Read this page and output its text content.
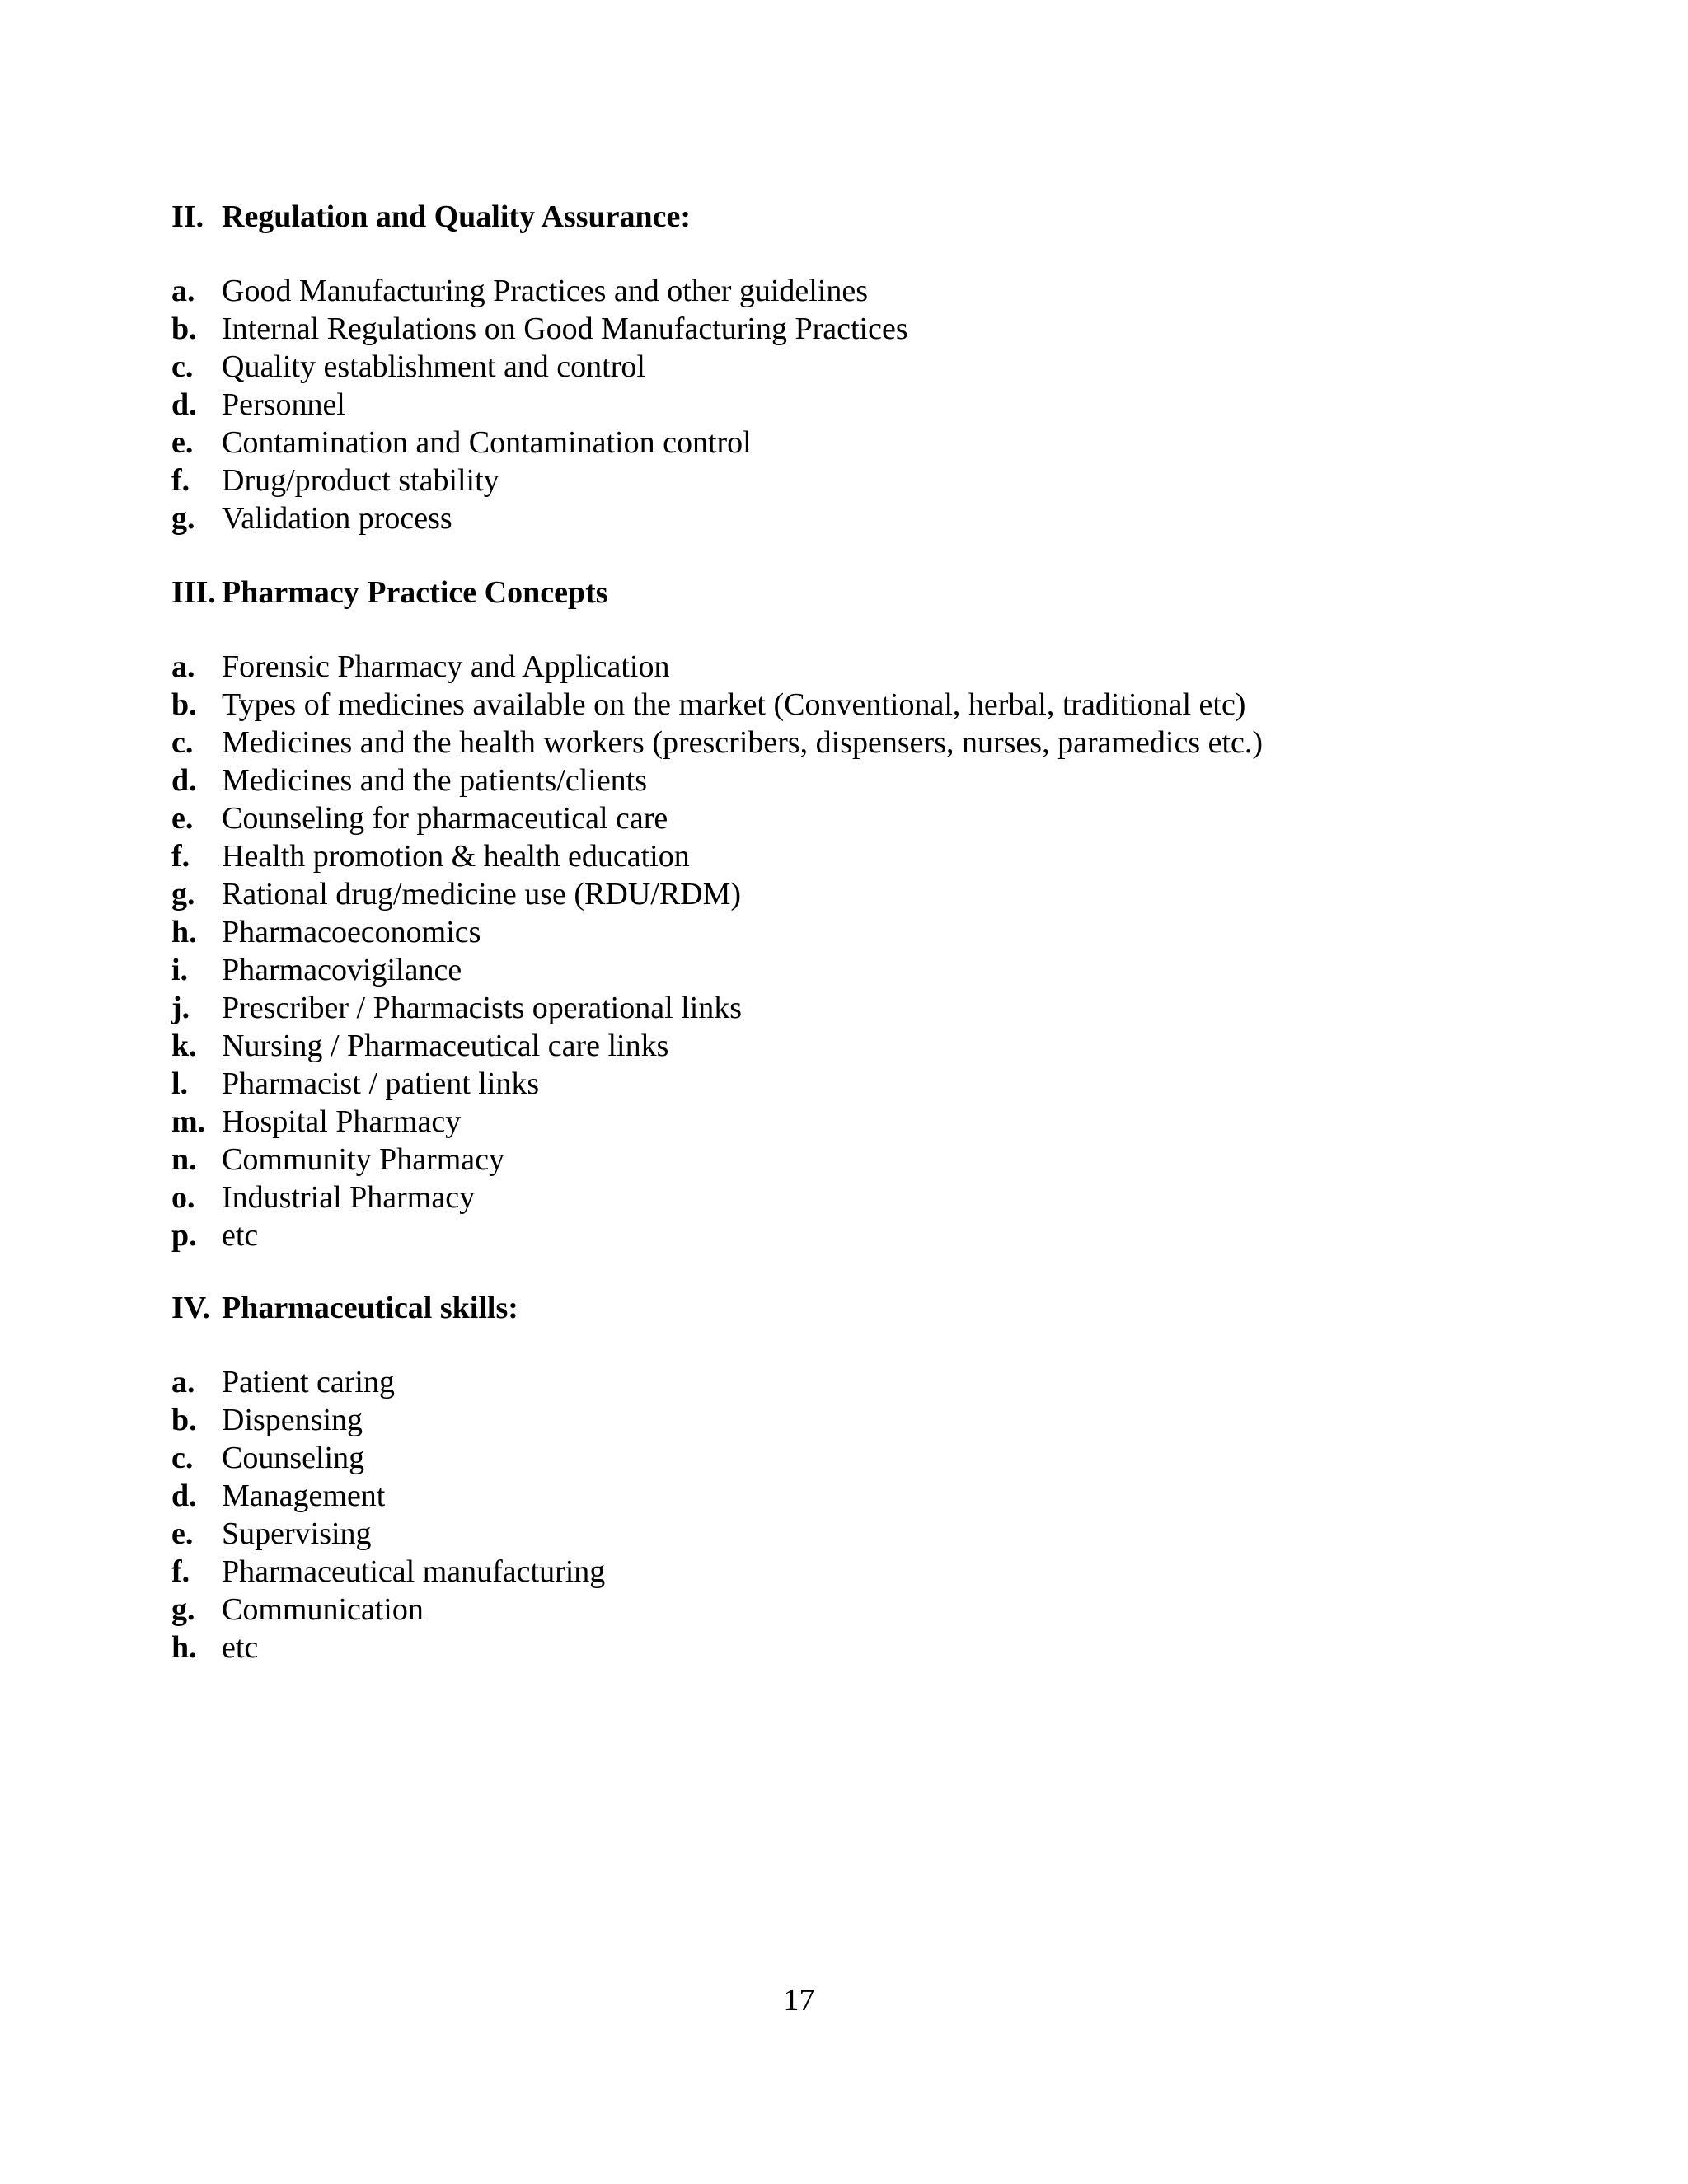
II. Regulation and Quality Assurance:
a. Good Manufacturing Practices and other guidelines
b. Internal Regulations on Good Manufacturing Practices
c. Quality establishment and control
d. Personnel
e. Contamination and Contamination control
f.	Drug/product stability
g. Validation process
III. Pharmacy Practice Concepts
a. Forensic Pharmacy and Application
b. Types of medicines available on the market (Conventional, herbal, traditional etc)
c. Medicines and the health workers (prescribers, dispensers, nurses, paramedics etc.)
d. Medicines and the patients/clients
e. Counseling for pharmaceutical care
f.	Health promotion & health education
g. Rational drug/medicine use (RDU/RDM)
h. Pharmacoeconomics
i.	Pharmacovigilance
j.	Prescriber / Pharmacists operational links
k. Nursing / Pharmaceutical care links
l.	Pharmacist / patient links
m. Hospital Pharmacy
n. Community Pharmacy
o. Industrial Pharmacy
p. etc
IV. Pharmaceutical skills:
a. Patient caring
b. Dispensing
c. Counseling
d. Management
e. Supervising
f.	Pharmaceutical manufacturing
g. Communication
h. etc
17
